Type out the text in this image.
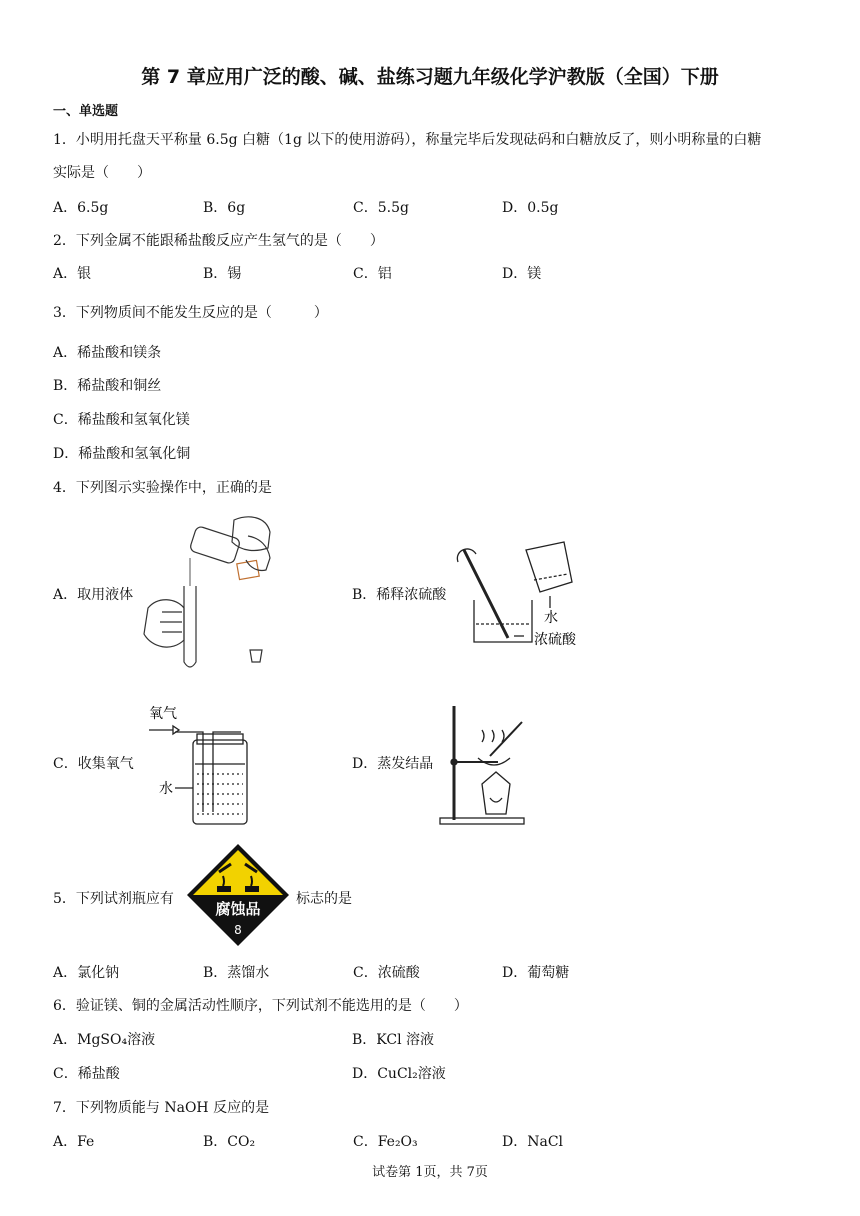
第 7 章应用广泛的酸、碱、盐练习题九年级化学沪教版（全国）下册
一、单选题
1．小明用托盘天平称量 6.5g 白糖（1g 以下的使用游码），称量完毕后发现砝码和白糖放反了，则小明称量的白糖
实际是（　　）
A．6.5g	B．6g	C．5.5g	D．0.5g
2．下列金属不能跟稀盐酸反应产生氢气的是（　　）
A．银	B．锡	C．铝	D．镁
3．下列物质间不能发生反应的是（　　　）
A．稀盐酸和镁条
B．稀盐酸和铜丝
C．稀盐酸和氢氧化镁
D．稀盐酸和氢氧化铜
4．下列图示实验操作中，正确的是
A．取用液体	B．稀释浓硫酸
C．收集氧气	D．蒸发结晶
水
浓硫酸
氧气
水
5．下列试剂瓶应有
腐蚀品
8
标志的是
A．氯化钠	B．蒸馏水	C．浓硫酸	D．葡萄糖
6．验证镁、铜的金属活动性顺序，下列试剂不能选用的是（　　）
A．MgSO₄溶液	B．KCl 溶液
C．稀盐酸	D．CuCl₂溶液
7．下列物质能与 NaOH 反应的是
A．Fe	B．CO₂	C．Fe₂O₃	D．NaCl
试卷第 1页，共 7页
